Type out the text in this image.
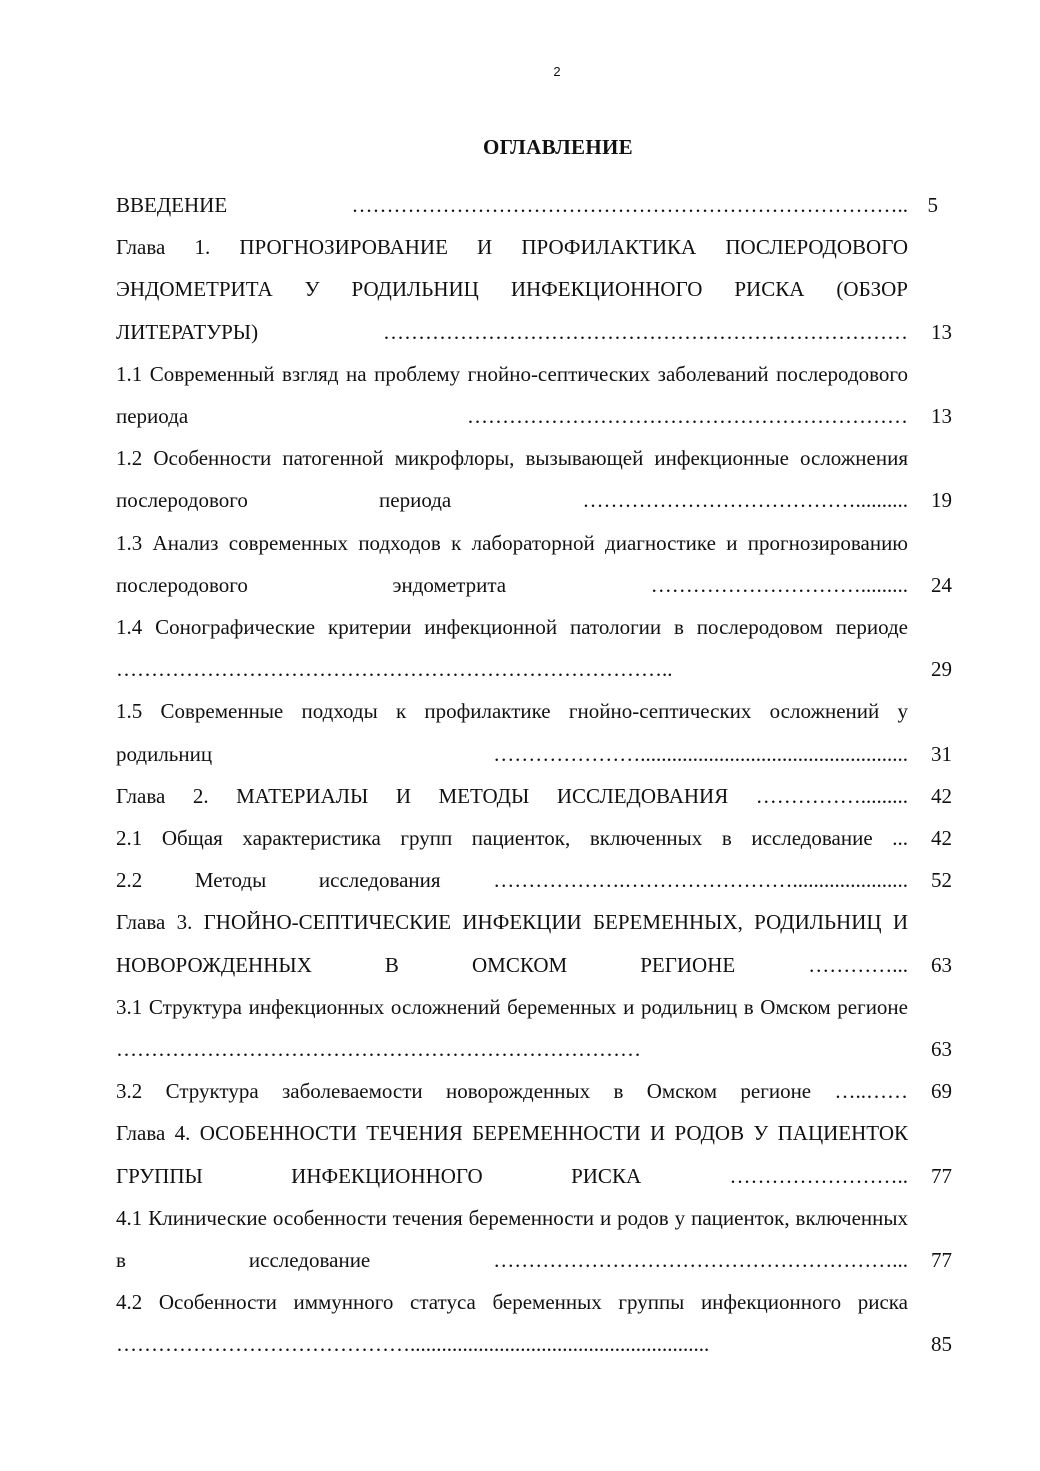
2
ОГЛАВЛЕНИЕ
ВВЕДЕНИЕ …………………………………………………………………….. 5
Глава 1. ПРОГНОЗИРОВАНИЕ И ПРОФИЛАКТИКА ПОСЛЕРОДОВОГО ЭНДОМЕТРИТА У РОДИЛЬНИЦ ИНФЕКЦИОННОГО РИСКА (ОБЗОР ЛИТЕРАТУРЫ) …………………………………………………………………	13
1.1 Современный взгляд на проблему гнойно-септических заболеваний послеродового периода ………………………………………………………	13
1.2 Особенности патогенной микрофлоры, вызывающей инфекционные осложнения послеродового периода …………………………………..........	19
1.3 Анализ современных подходов к лабораторной диагностике и прогнозированию послеродового эндометрита ………………………….........	24
1.4 Сонографические критерии инфекционной патологии в послеродовом периоде ……………………………………………………………………..	29
1.5 Современные подходы к профилактике гнойно-септических осложнений у родильниц …………………...................................................	31
Глава 2. МАТЕРИАЛЫ И МЕТОДЫ ИССЛЕДОВАНИЯ …………….........	42
2.1 Общая характеристика групп пациенток, включенных в исследование ...	42
2.2 Методы исследования ……………….……………………......................	52
Глава 3. ГНОЙНО-СЕПТИЧЕСКИЕ ИНФЕКЦИИ БЕРЕМЕННЫХ, РОДИЛЬНИЦ И НОВОРОЖДЕННЫХ В ОМСКОМ РЕГИОНЕ …………...	63
3.1 Структура инфекционных осложнений беременных и родильниц в Омском регионе …………………………………………………………………	63
3.2 Структура заболеваемости новорожденных в Омском регионе …..……	69
Глава 4. ОСОБЕННОСТИ ТЕЧЕНИЯ БЕРЕМЕННОСТИ И РОДОВ У ПАЦИЕНТОК ГРУППЫ ИНФЕКЦИОННОГО РИСКА ……………………..	77
4.1 Клинические особенности течения беременности и родов у пациенток, включенных в исследование …………………………………………………...	77
4.2 Особенности иммунного статуса беременных группы инфекционного риска …………………………………….........................................................	85
